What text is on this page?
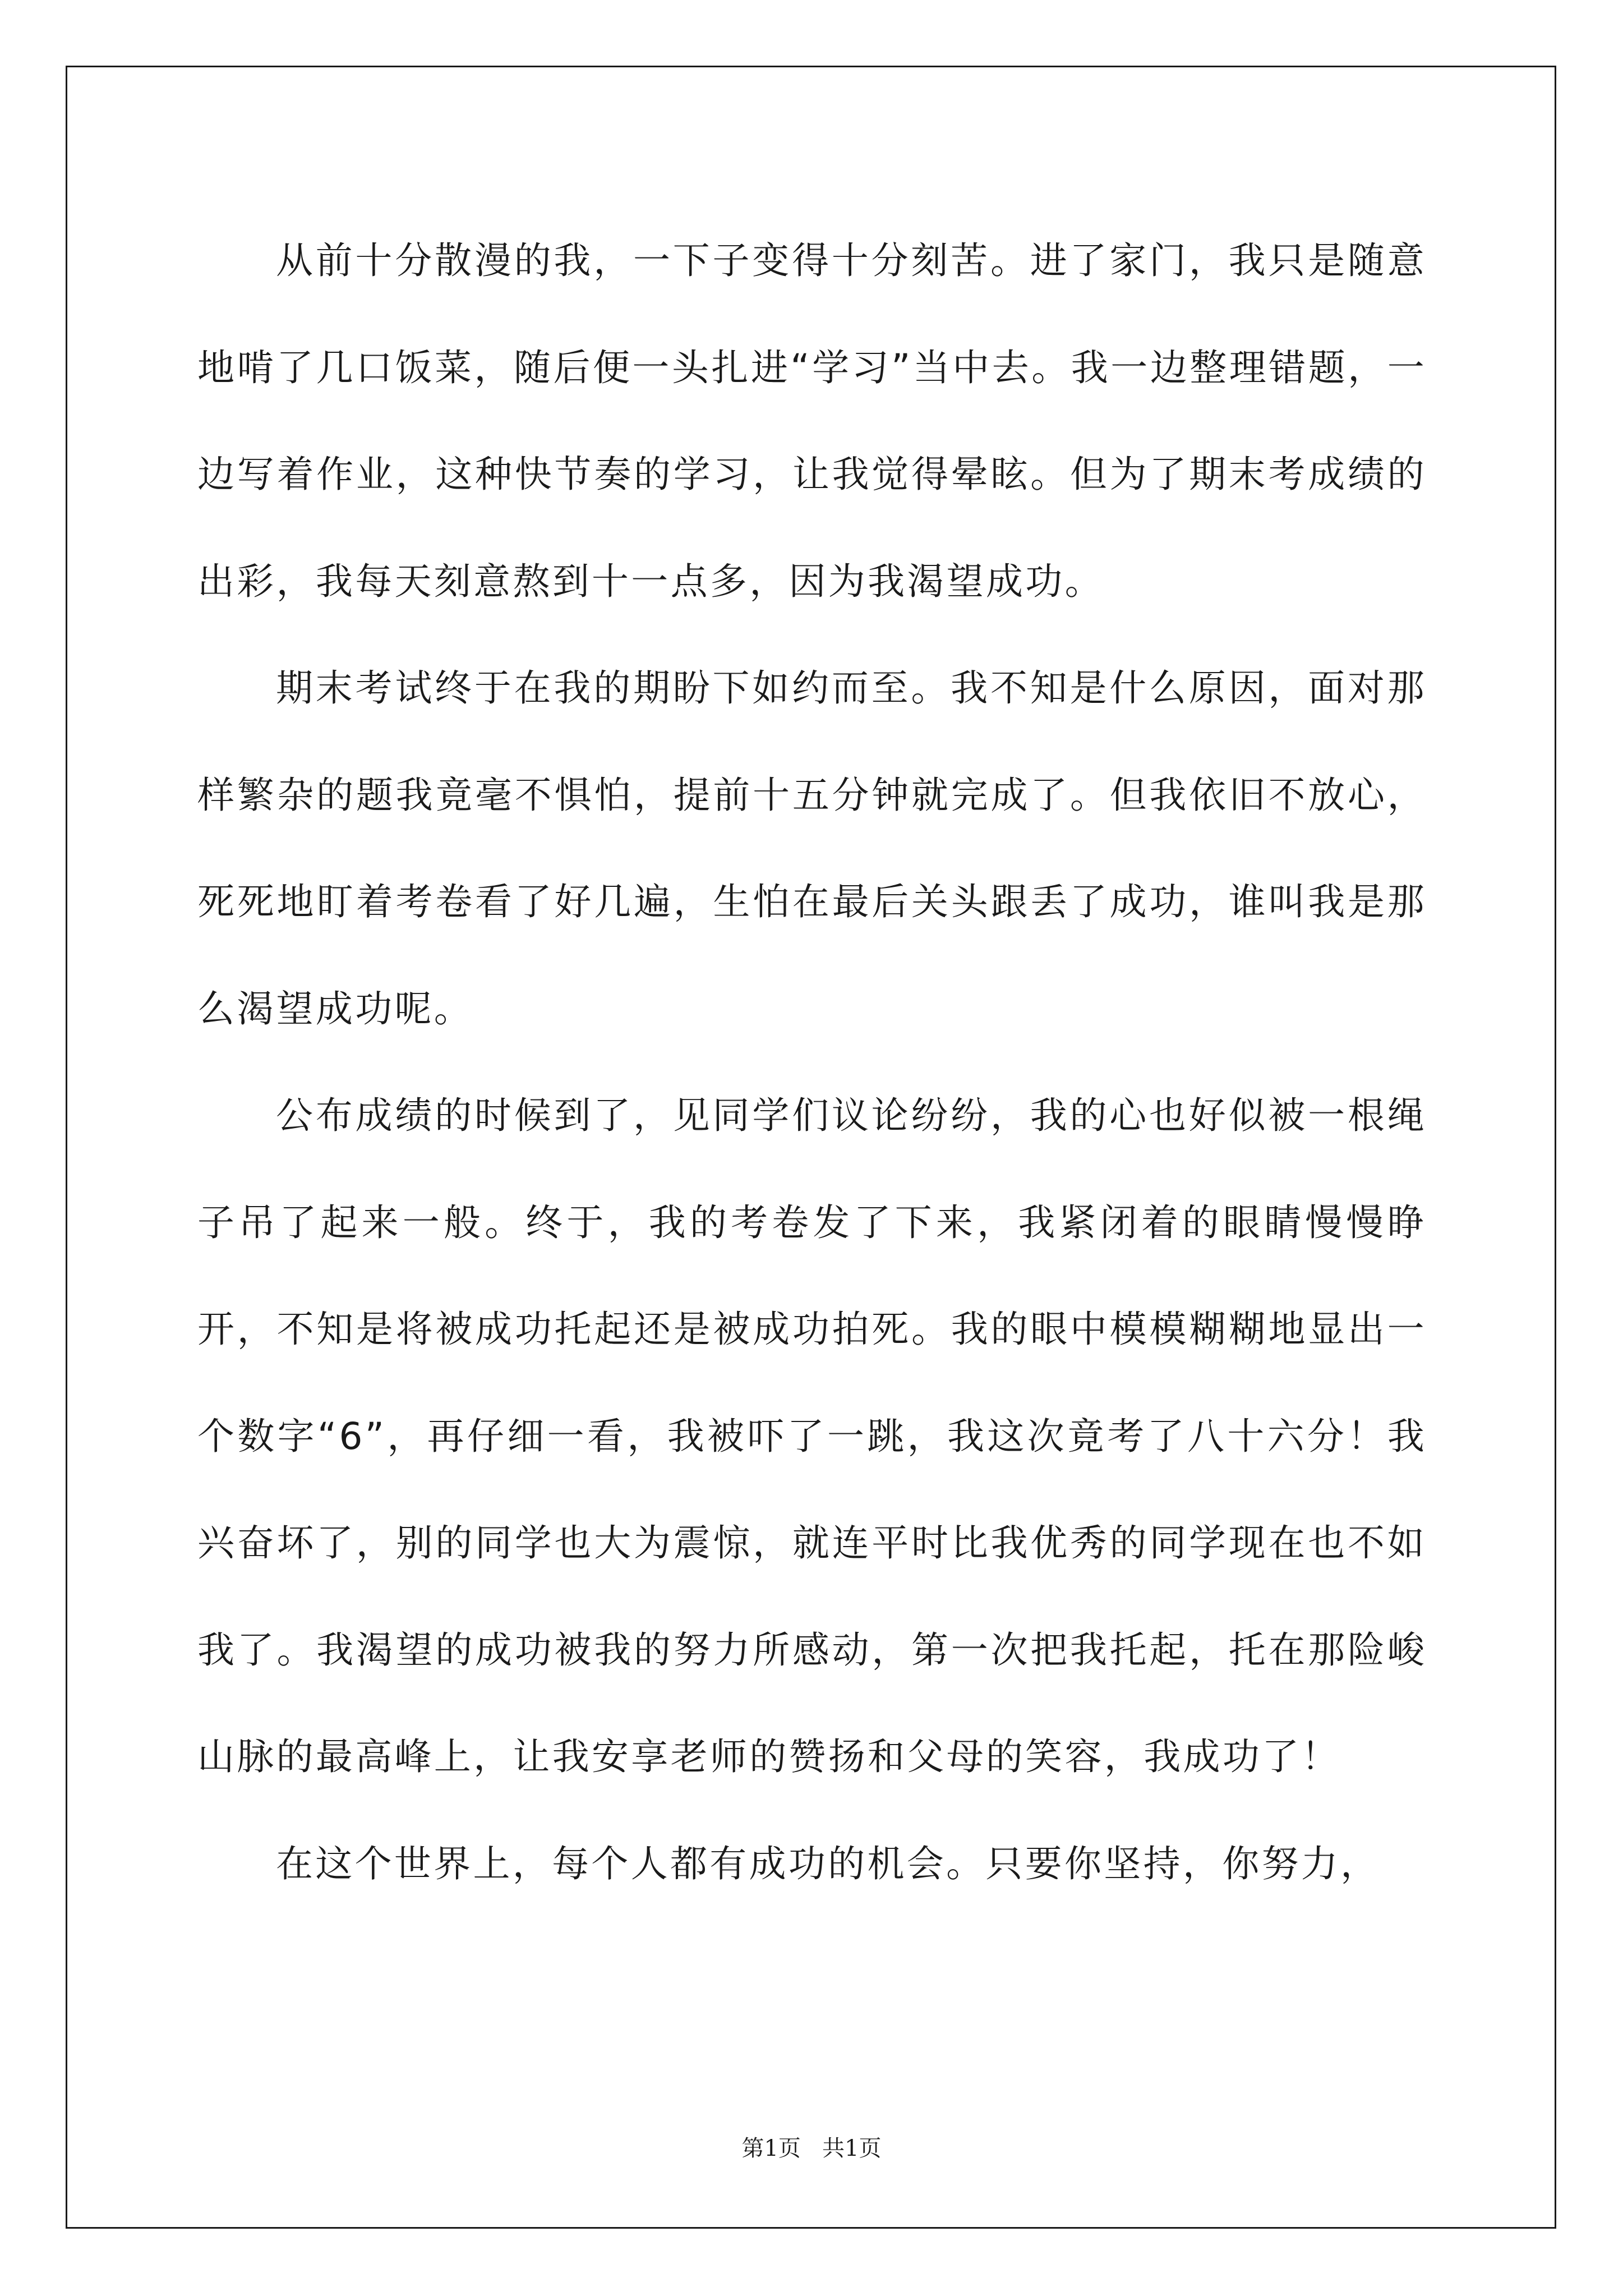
从前十分散漫的我，一下子变得十分刻苦。进了家门，我只是随意地啃了几口饭菜，随后便一头扎进“学习”当中去。我一边整理错题，一边写着作业，这种快节奏的学习，让我觉得晕眩。但为了期末考成绩的出彩，我每天刻意熬到十一点多，因为我渴望成功。

期末考试终于在我的期盼下如约而至。我不知是什么原因，面对那样繁杂的题我竟毫不惧怕，提前十五分钟就完成了。但我依旧不放心，死死地盯着考卷看了好几遍，生怕在最后关头跟丢了成功，谁叫我是那么渴望成功呢。

公布成绩的时候到了，见同学们议论纷纷，我的心也好似被一根绳子吊了起来一般。终于，我的考卷发了下来，我紧闭着的眼睛慢慢睁开，不知是将被成功托起还是被成功拍死。我的眼中模模糊糊地显出一个数字“6”，再仔细一看，我被吓了一跳，我这次竟考了八十六分！我兴奋坏了，别的同学也大为震惊，就连平时比我优秀的同学现在也不如我了。我渴望的成功被我的努力所感动，第一次把我托起，托在那险峻山脉的最高峰上，让我安享老师的赞扬和父母的笑容，我成功了！

在这个世界上，每个人都有成功的机会。只要你坚持，你努力，

第1页   共1页
